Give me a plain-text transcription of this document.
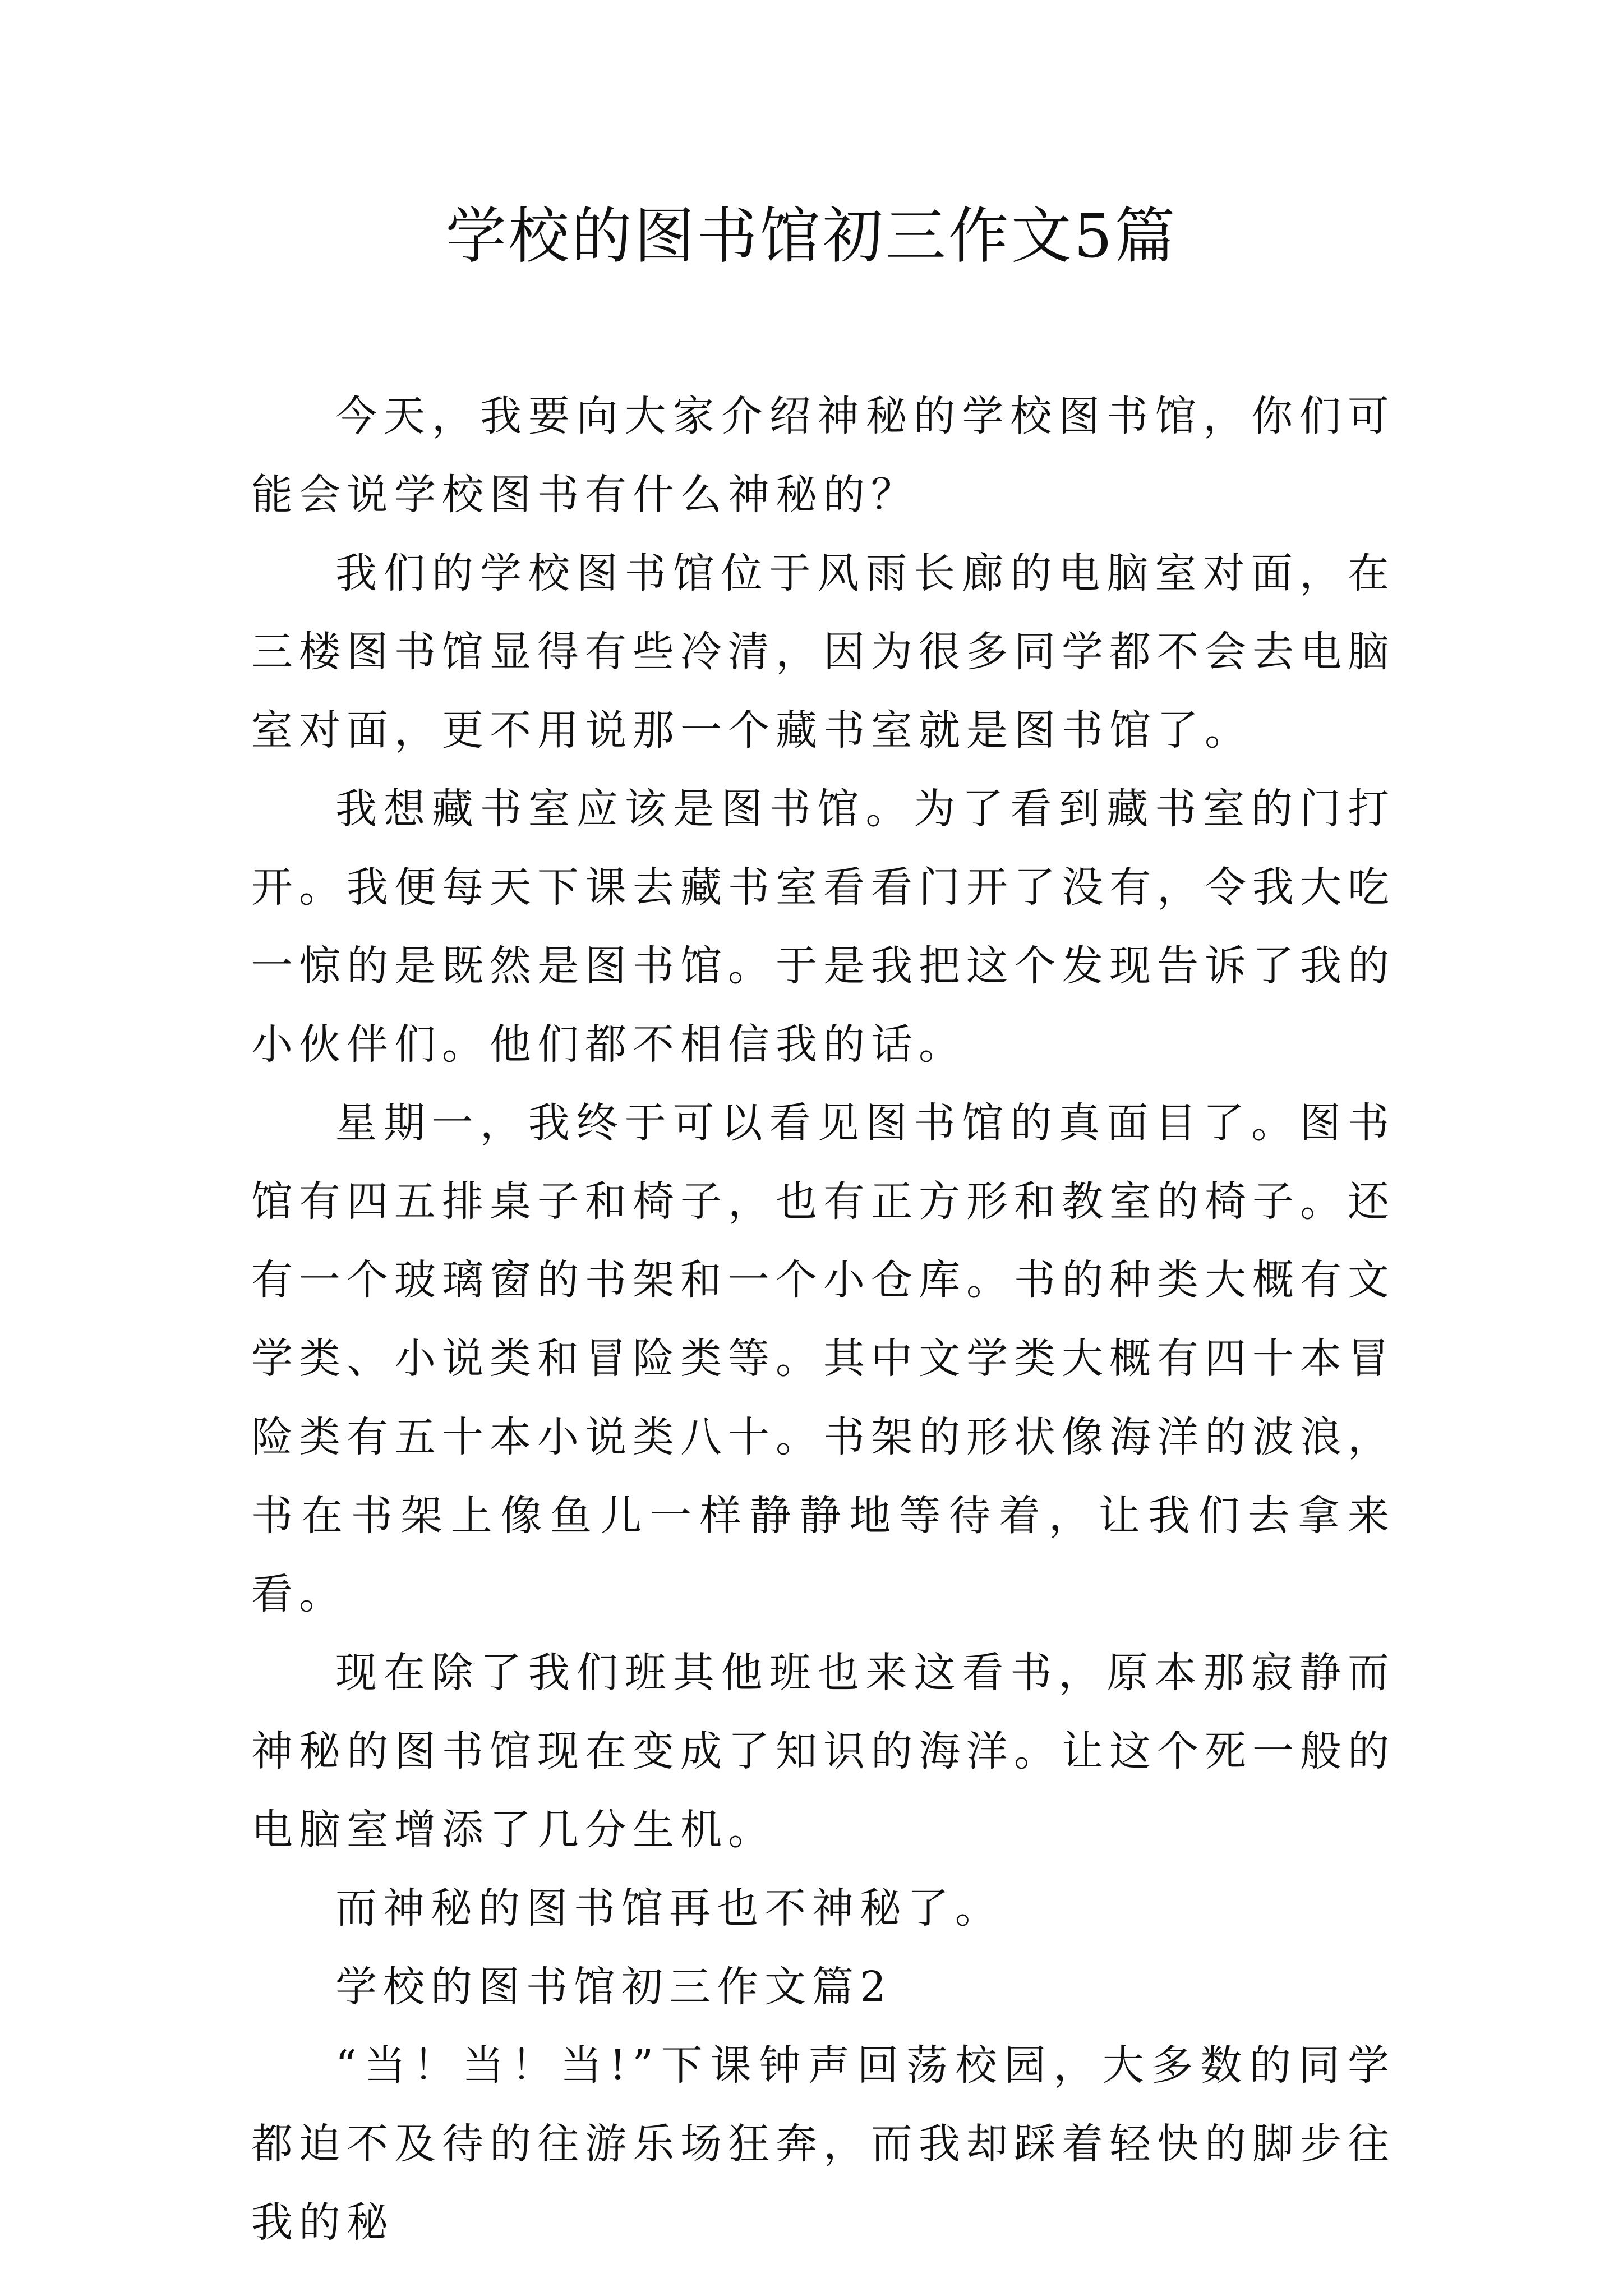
学校的图书馆初三作文5篇

今天，我要向大家介绍神秘的学校图书馆，你们可能会说学校图书有什么神秘的？

我们的学校图书馆位于风雨长廊的电脑室对面，在三楼图书馆显得有些冷清，因为很多同学都不会去电脑室对面，更不用说那一个藏书室就是图书馆了。

我想藏书室应该是图书馆。为了看到藏书室的门打开。我便每天下课去藏书室看看门开了没有，令我大吃一惊的是既然是图书馆。于是我把这个发现告诉了我的小伙伴们。他们都不相信我的话。

星期一，我终于可以看见图书馆的真面目了。图书馆有四五排桌子和椅子，也有正方形和教室的椅子。还有一个玻璃窗的书架和一个小仓库。书的种类大概有文学类、小说类和冒险类等。其中文学类大概有四十本冒险类有五十本小说类八十。书架的形状像海洋的波浪，书在书架上像鱼儿一样静静地等待着，让我们去拿来看。

现在除了我们班其他班也来这看书，原本那寂静而神秘的图书馆现在变成了知识的海洋。让这个死一般的电脑室增添了几分生机。

而神秘的图书馆再也不神秘了。

学校的图书馆初三作文篇2

“当！当！当!”下课钟声回荡校园，大多数的同学都迫不及待的往游乐场狂奔，而我却踩着轻快的脚步往我的秘
